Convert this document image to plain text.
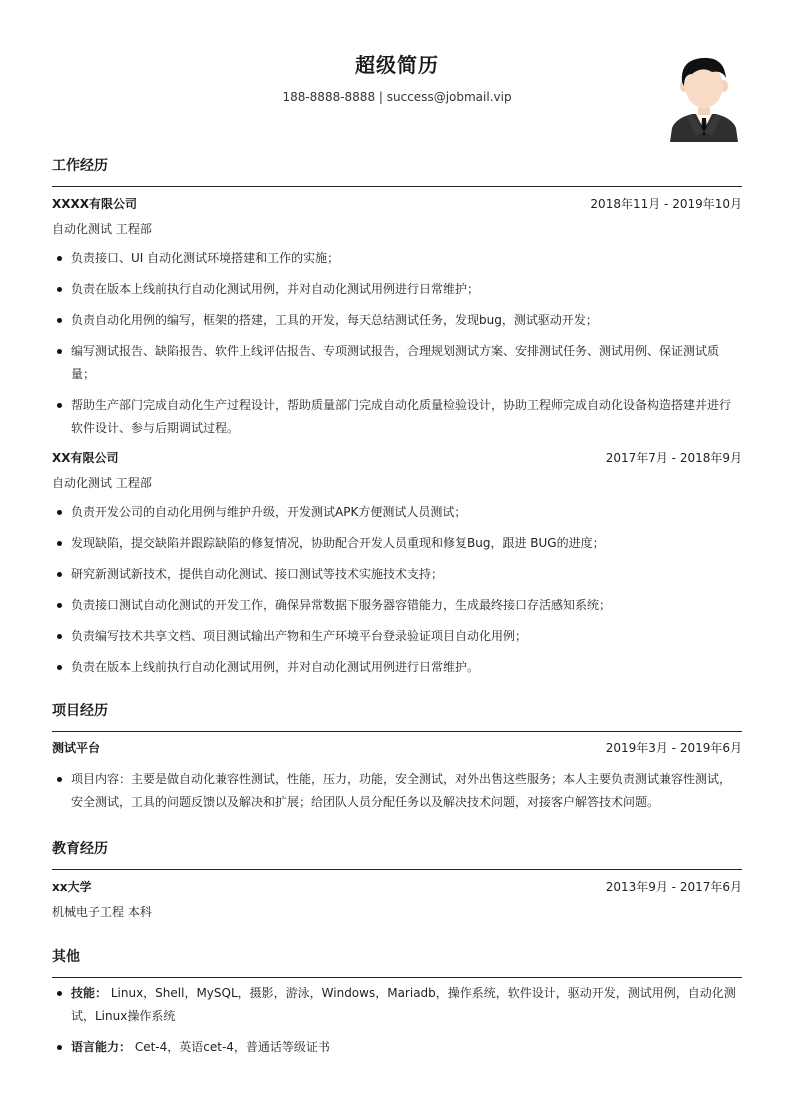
超级简历
188-8888-8888 | success@jobmail.vip
工作经历
XXXX有限公司	2018年11月 - 2019年10月
自动化测试 工程部
负责接口、UI 自动化测试环境搭建和工作的实施；
负责在版本上线前执行自动化测试用例，并对自动化测试用例进行日常维护；
负责自动化用例的编写，框架的搭建，工具的开发，每天总结测试任务，发现bug，测试驱动开发；
编写测试报告、缺陷报告、软件上线评估报告、专项测试报告，合理规划测试方案、安排测试任务、测试用例、保证测试质量；
帮助生产部门完成自动化生产过程设计，帮助质量部门完成自动化质量检验设计，协助工程师完成自动化设备构造搭建并进行软件设计、参与后期调试过程。
XX有限公司	2017年7月 - 2018年9月
自动化测试 工程部
负责开发公司的自动化用例与维护升级，开发测试APK方便测试人员测试；
发现缺陷，提交缺陷并跟踪缺陷的修复情况，协助配合开发人员重现和修复Bug，跟进 BUG的进度；
研究新测试新技术，提供自动化测试、接口测试等技术实施技术支持；
负责接口测试自动化测试的开发工作，确保异常数据下服务器容错能力，生成最终接口存活感知系统；
负责编写技术共享文档、项目测试输出产物和生产环境平台登录验证项目自动化用例；
负责在版本上线前执行自动化测试用例，并对自动化测试用例进行日常维护。
项目经历
测试平台	2019年3月 - 2019年6月
项目内容：主要是做自动化兼容性测试，性能，压力，功能，安全测试，对外出售这些服务；本人主要负责测试兼容性测试，安全测试，工具的问题反馈以及解决和扩展；给团队人员分配任务以及解决技术问题，对接客户解答技术问题。
教育经历
xx大学	2013年9月 - 2017年6月
机械电子工程 本科
其他
技能： Linux，Shell，MySQL，摄影，游泳，Windows，Mariadb，操作系统，软件设计，驱动开发，测试用例，自动化测试，Linux操作系统
语言能力： Cet-4，英语cet-4，普通话等级证书
